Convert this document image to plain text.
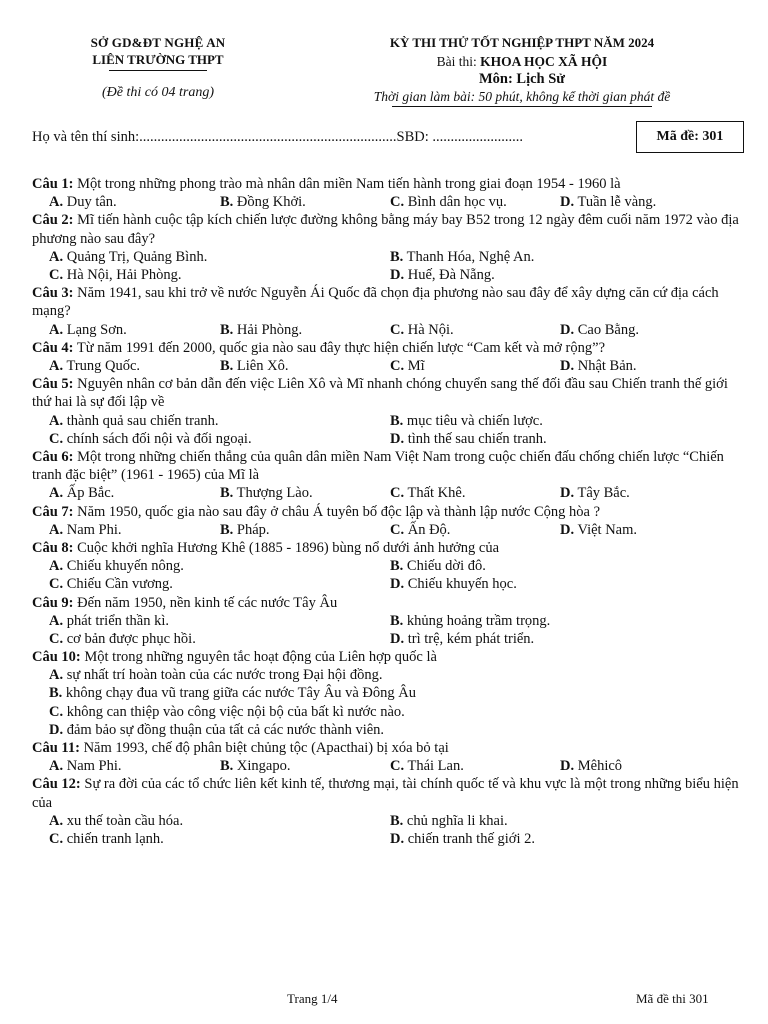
SỞ GD&ĐT NGHỆ AN
LIÊN TRƯỜNG THPT
(Đề thi có 04 trang)
KỲ THI THỬ TỐT NGHIỆP THPT NĂM 2024
Bài thi: KHOA HỌC XÃ HỘI
Môn: Lịch Sử
Thời gian làm bài: 50 phút, không kể thời gian phát đề
Họ và tên thí sinh:.......................................................................SBD: .........................	Mã đề: 301
Câu 1: Một trong những phong trào mà nhân dân miền Nam tiến hành trong giai đoạn 1954 - 1960 là
A. Duy tân.	B. Đồng Khởi.	C. Bình dân học vụ.	D. Tuần lễ vàng.
Câu 2: Mĩ tiến hành cuộc tập kích chiến lược đường không bằng máy bay B52 trong 12 ngày đêm cuối năm 1972 vào địa phương nào sau đây?
A. Quảng Trị, Quảng Bình.	B. Thanh Hóa, Nghệ An.
C. Hà Nội, Hải Phòng.	D. Huế, Đà Nẵng.
Câu 3: Năm 1941, sau khi trở về nước Nguyễn Ái Quốc đã chọn địa phương nào sau đây để xây dựng căn cứ địa cách mạng?
A. Lạng Sơn.	B. Hải Phòng.	C. Hà Nội.	D. Cao Bằng.
Câu 4: Từ năm 1991 đến 2000, quốc gia nào sau đây thực hiện chiến lược “Cam kết và mở rộng”?
A. Trung Quốc.	B. Liên Xô.	C. Mĩ	D. Nhật Bản.
Câu 5: Nguyên nhân cơ bản dẫn đến việc Liên Xô và Mĩ nhanh chóng chuyển sang thế đối đầu sau Chiến tranh thế giới thứ hai là sự đối lập về
A. thành quả sau chiến tranh.	B. mục tiêu và chiến lược.
C. chính sách đối nội và đối ngoại.	D. tình thế sau chiến tranh.
Câu 6: Một trong những chiến thắng của quân dân miền Nam Việt Nam trong cuộc chiến đấu chống chiến lược “Chiến tranh đặc biệt” (1961 - 1965) của Mĩ là
A. Ấp Bắc.	B. Thượng Lào.	C. Thất Khê.	D. Tây Bắc.
Câu 7: Năm 1950, quốc gia nào sau đây ở châu Á tuyên bố độc lập và thành lập nước Cộng hòa ?
A. Nam Phi.	B. Pháp.	C. Ấn Độ.	D. Việt Nam.
Câu 8: Cuộc khởi nghĩa Hương Khê (1885 - 1896) bùng nổ dưới ảnh hưởng của
A. Chiếu khuyến nông.	B. Chiếu dời đô.
C. Chiếu Cần vương.	D. Chiếu khuyến học.
Câu 9: Đến năm 1950, nền kinh tế các nước Tây Âu
A. phát triển thần kì.	B. khủng hoảng trầm trọng.
C. cơ bản được phục hồi.	D. trì trệ, kém phát triển.
Câu 10: Một trong những nguyên tắc hoạt động của Liên hợp quốc là
A. sự nhất trí hoàn toàn của các nước trong Đại hội đồng.
B. không chạy đua vũ trang giữa các nước Tây Âu và Đông Âu
C. không can thiệp vào công việc nội bộ của bất kì nước nào.
D. đảm bảo sự đồng thuận của tất cả các nước thành viên.
Câu 11: Năm 1993, chế độ phân biệt chủng tộc (Apacthai) bị xóa bỏ tại
A. Nam Phi.	B. Xingapo.	C. Thái Lan.	D. Mêhicô
Câu 12: Sự ra đời của các tổ chức liên kết kinh tế, thương mại, tài chính quốc tế và khu vực là một trong những biểu hiện của
A. xu thế toàn cầu hóa.	B. chủ nghĩa li khai.
C. chiến tranh lạnh.	D. chiến tranh thế giới 2.
Trang 1/4	Mã đề thi 301
